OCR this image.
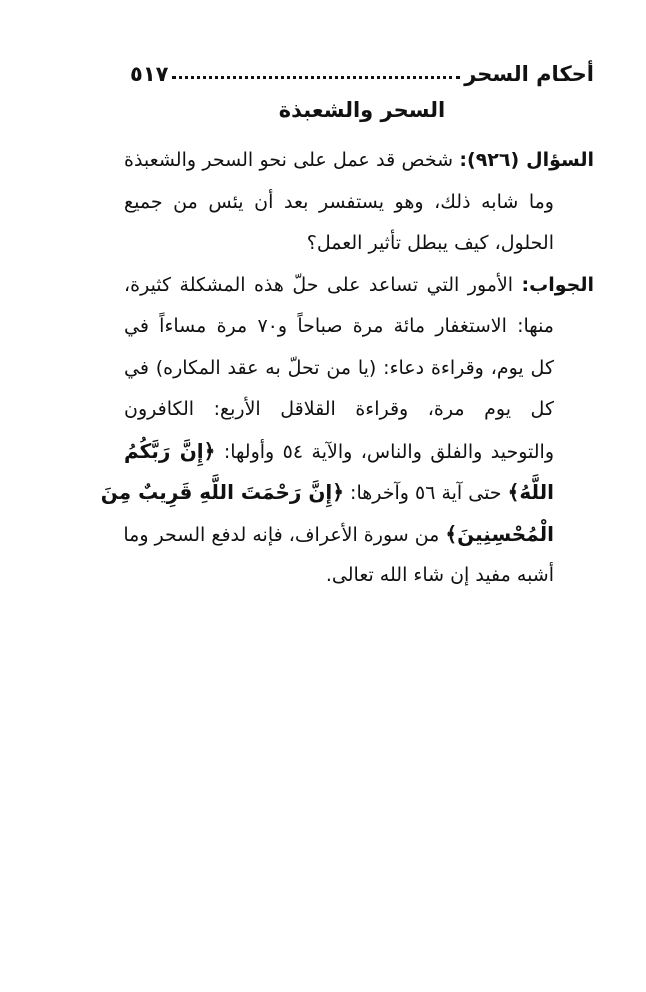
أحكام السحر
٥١٧
السحر والشعبذة
السؤال (٩٢٦): شخص قد عمل على نحو السحر والشعبذة
وما شابه ذلك، وهو يستفسر بعد أن يئس من جميع
الحلول، كيف يبطل تأثير العمل؟
الجواب: الأمور التي تساعد على حلّ هذه المشكلة كثيرة،
منها: الاستغفار مائة مرة صباحاً و٧٠ مرة مساءاً في
كل يوم، وقراءة دعاء: (يا من تحلّ به عقد المكاره) في
كل يوم مرة، وقراءة القلاقل الأربع: الكافرون
والتوحيد والفلق والناس، والآية ٥٤ وأولها: ﴿إِنَّ رَبَّكُمُ
اللَّهُ﴾ حتى آية ٥٦ وآخرها: ﴿إِنَّ رَحْمَتَ اللَّهِ قَرِيبٌ مِنَ
الْمُحْسِنِينَ﴾ من سورة الأعراف، فإنه لدفع السحر وما
أشبه مفيد إن شاء الله تعالى.
